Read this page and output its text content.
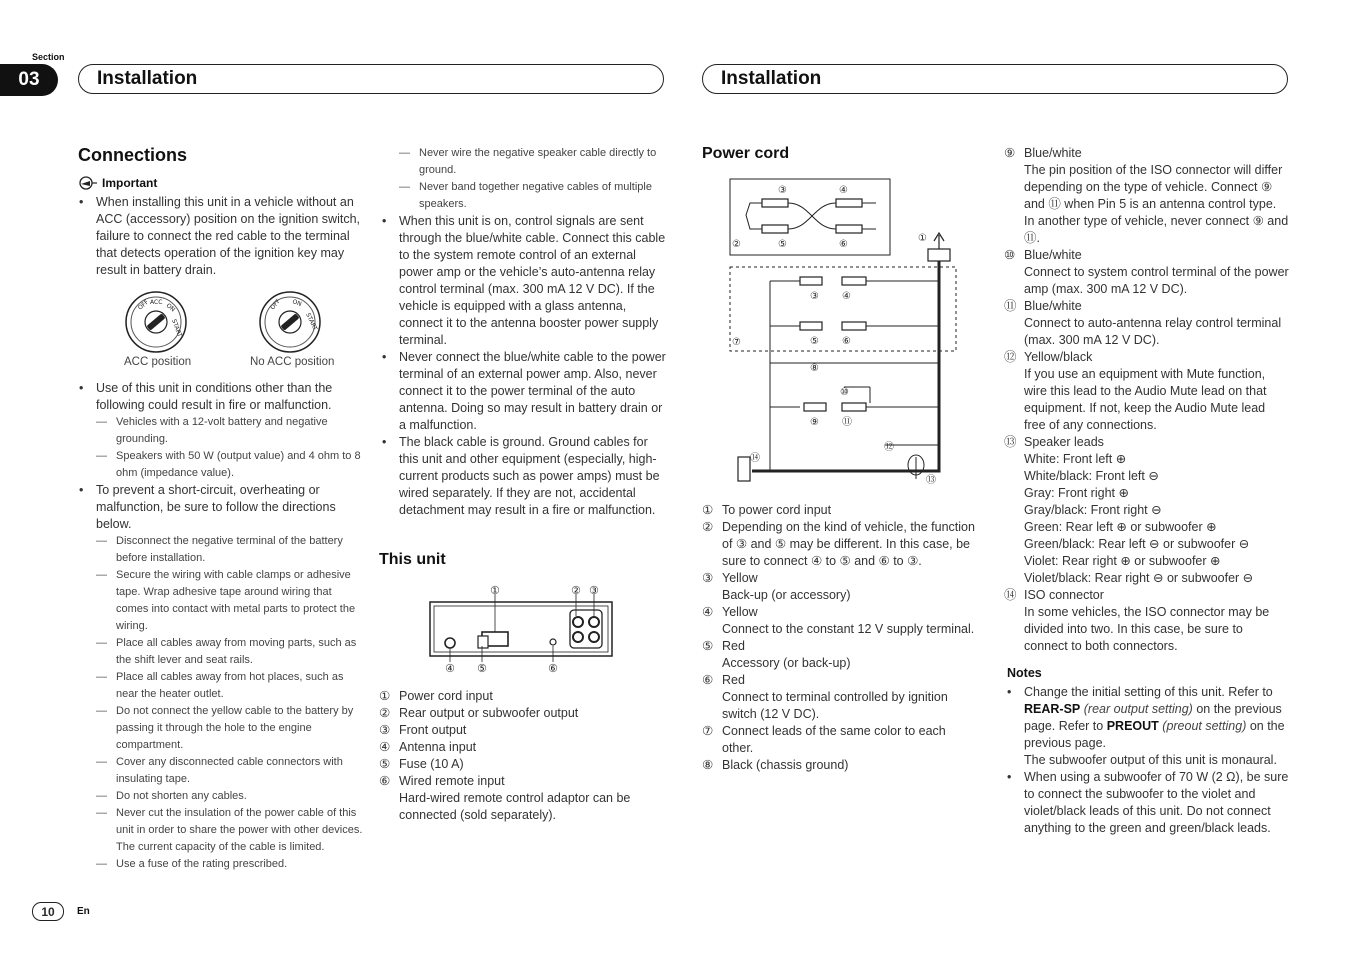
Section
03	Installation	Installation
Connections
Important
• When installing this unit in a vehicle without an ACC (accessory) position on the ignition switch, failure to connect the red cable to the terminal that detects operation of the ignition key may result in battery drain.
OFF ACC ON
START
OFF ON
START
ACC position	No ACC position
• Use of this unit in conditions other than the following could result in fire or malfunction.
— Vehicles with a 12-volt battery and negative grounding.
— Speakers with 50 W (output value) and 4 ohm to 8 ohm (impedance value).
• To prevent a short-circuit, overheating or malfunction, be sure to follow the directions below.
— Disconnect the negative terminal of the battery before installation.
— Secure the wiring with cable clamps or adhesive tape. Wrap adhesive tape around wiring that comes into contact with metal parts to protect the wiring.
— Place all cables away from moving parts, such as the shift lever and seat rails.
— Place all cables away from hot places, such as near the heater outlet.
— Do not connect the yellow cable to the battery by passing it through the hole to the engine compartment.
— Cover any disconnected cable connectors with insulating tape.
— Do not shorten any cables.
— Never cut the insulation of the power cable of this unit in order to share the power with other devices. The current capacity of the cable is limited.
— Use a fuse of the rating prescribed.
— Never wire the negative speaker cable directly to ground.
— Never band together negative cables of multiple speakers.
• When this unit is on, control signals are sent through the blue/white cable. Connect this cable to the system remote control of an external power amp or the vehicle’s auto-antenna relay control terminal (max. 300 mA 12 V DC). If the vehicle is equipped with a glass antenna, connect it to the antenna booster power supply terminal.
• Never connect the blue/white cable to the power terminal of an external power amp. Also, never connect it to the power terminal of the auto antenna. Doing so may result in battery drain or a malfunction.
• The black cable is ground. Ground cables for this unit and other equipment (especially, high-current products such as power amps) must be wired separately. If they are not, accidental detachment may result in a fire or malfunction.
This unit
①	② ③
④ ⑤	⑥
① Power cord input
② Rear output or subwoofer output
③ Front output
④ Antenna input
⑤ Fuse (10 A)
⑥ Wired remote input
Hard-wired remote control adaptor can be connected (sold separately).
Power cord
③	④
②	⑤	⑥
①
③ ④
⑤ ⑥
⑦
⑧
⑩
⑨ ⑪
⑫
⑭
⑬
① To power cord input
② Depending on the kind of vehicle, the function of ③ and ⑤ may be different. In this case, be sure to connect ④ to ⑤ and ⑥ to ③.
③ Yellow
Back-up (or accessory)
④ Yellow
Connect to the constant 12 V supply terminal.
⑤ Red
Accessory (or back-up)
⑥ Red
Connect to terminal controlled by ignition switch (12 V DC).
⑦ Connect leads of the same color to each other.
⑧ Black (chassis ground)
⑨ Blue/white
The pin position of the ISO connector will differ depending on the type of vehicle. Connect ⑨ and ⑪ when Pin 5 is an antenna control type. In another type of vehicle, never connect ⑨ and ⑪.
⑩ Blue/white
Connect to system control terminal of the power amp (max. 300 mA 12 V DC).
⑪ Blue/white
Connect to auto-antenna relay control terminal (max. 300 mA 12 V DC).
⑫ Yellow/black
If you use an equipment with Mute function, wire this lead to the Audio Mute lead on that equipment. If not, keep the Audio Mute lead free of any connections.
⑬ Speaker leads
White: Front left ⊕
White/black: Front left ⊖
Gray: Front right ⊕
Gray/black: Front right ⊖
Green: Rear left ⊕ or subwoofer ⊕
Green/black: Rear left ⊖ or subwoofer ⊖
Violet: Rear right ⊕ or subwoofer ⊕
Violet/black: Rear right ⊖ or subwoofer ⊖
⑭ ISO connector
In some vehicles, the ISO connector may be divided into two. In this case, be sure to connect to both connectors.
Notes
• Change the initial setting of this unit. Refer to REAR-SP (rear output setting) on the previous page. Refer to PREOUT (preout setting) on the previous page.
The subwoofer output of this unit is monaural.
• When using a subwoofer of 70 W (2 Ω), be sure to connect the subwoofer to the violet and violet/black leads of this unit. Do not connect anything to the green and green/black leads.
10	En
